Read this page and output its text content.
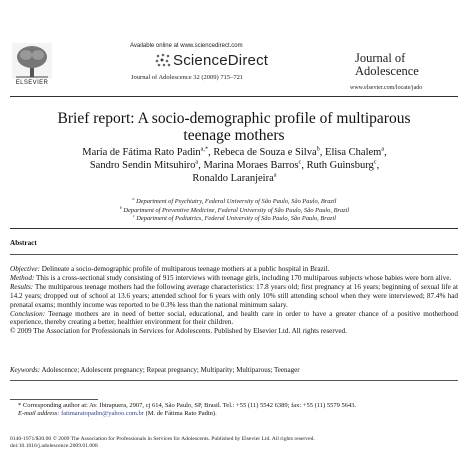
ELSEVIER
Available online at www.sciencedirect.com
ScienceDirect
Journal of Adolescence 32 (2009) 715–721
Journal of
Adolescence
www.elsevier.com/locate/jado
Brief report: A socio-demographic profile of multiparous
teenage mothers
Maria de Fátima Rato Padin$^{a,*}$, Rebeca de Souza e Silva$^b$, Elisa Chalem$^a$,
Sandro Sendin Mitsuhiro$^a$, Marina Moraes Barros$^c$, Ruth Guinsburg$^c$,
Ronaldo Laranjeira$^a$
$^a$ Department of Psychiatry, Federal University of São Paulo, São Paulo, Brazil
$^b$ Department of Preventive Medicine, Federal University of São Paulo, São Paulo, Brazil
$^c$ Department of Pediatrics, Federal University of São Paulo, São Paulo, Brazil
Abstract

Objective: Delineate a socio-demographic profile of multiparous teenage mothers at a public hospital in Brazil.

Method: This is a cross-sectional study consisting of 915 interviews with teenage girls, including 170 multiparous subjects whose babies were born alive.

Results: The multiparous teenage mothers had the following average characteristics: 17.8 years old; first pregnancy at 16 years; beginning of sexual life at 14.2 years; dropped out of school at 13.6 years; attended school for 6 years with only 10% still attending school when they were interviewed; 87.4% had prenatal exams; monthly income was reported to be 0.3% less than the national minimum salary.

Conclusion: Teenage mothers are in need of better social, educational, and health care in order to have a greater chance of a positive motherhood experience, thereby creating a better, healthier environment for their children.

© 2009 The Association for Professionals in Services for Adolescents. Published by Elsevier Ltd. All rights reserved.

Keywords: Adolescence; Adolescent pregnancy; Repeat pregnancy; Multiparity; Multiparous; Teenager

* Corresponding author at: Av. Ibirapuera, 2907, cj 614, São Paulo, SP, Brasil. Tel.: +55 (11) 5542 6389; fax: +55 (11) 5579 5643.

E-mail address: fatimaratopadin@yahoo.com.br (M. de Fátima Rato Padin).

0140-1971/$30.00 © 2009 The Association for Professionals in Services for Adolescents. Published by Elsevier Ltd. All rights reserved.

doi:10.1016/j.adolescence.2009.01.008
